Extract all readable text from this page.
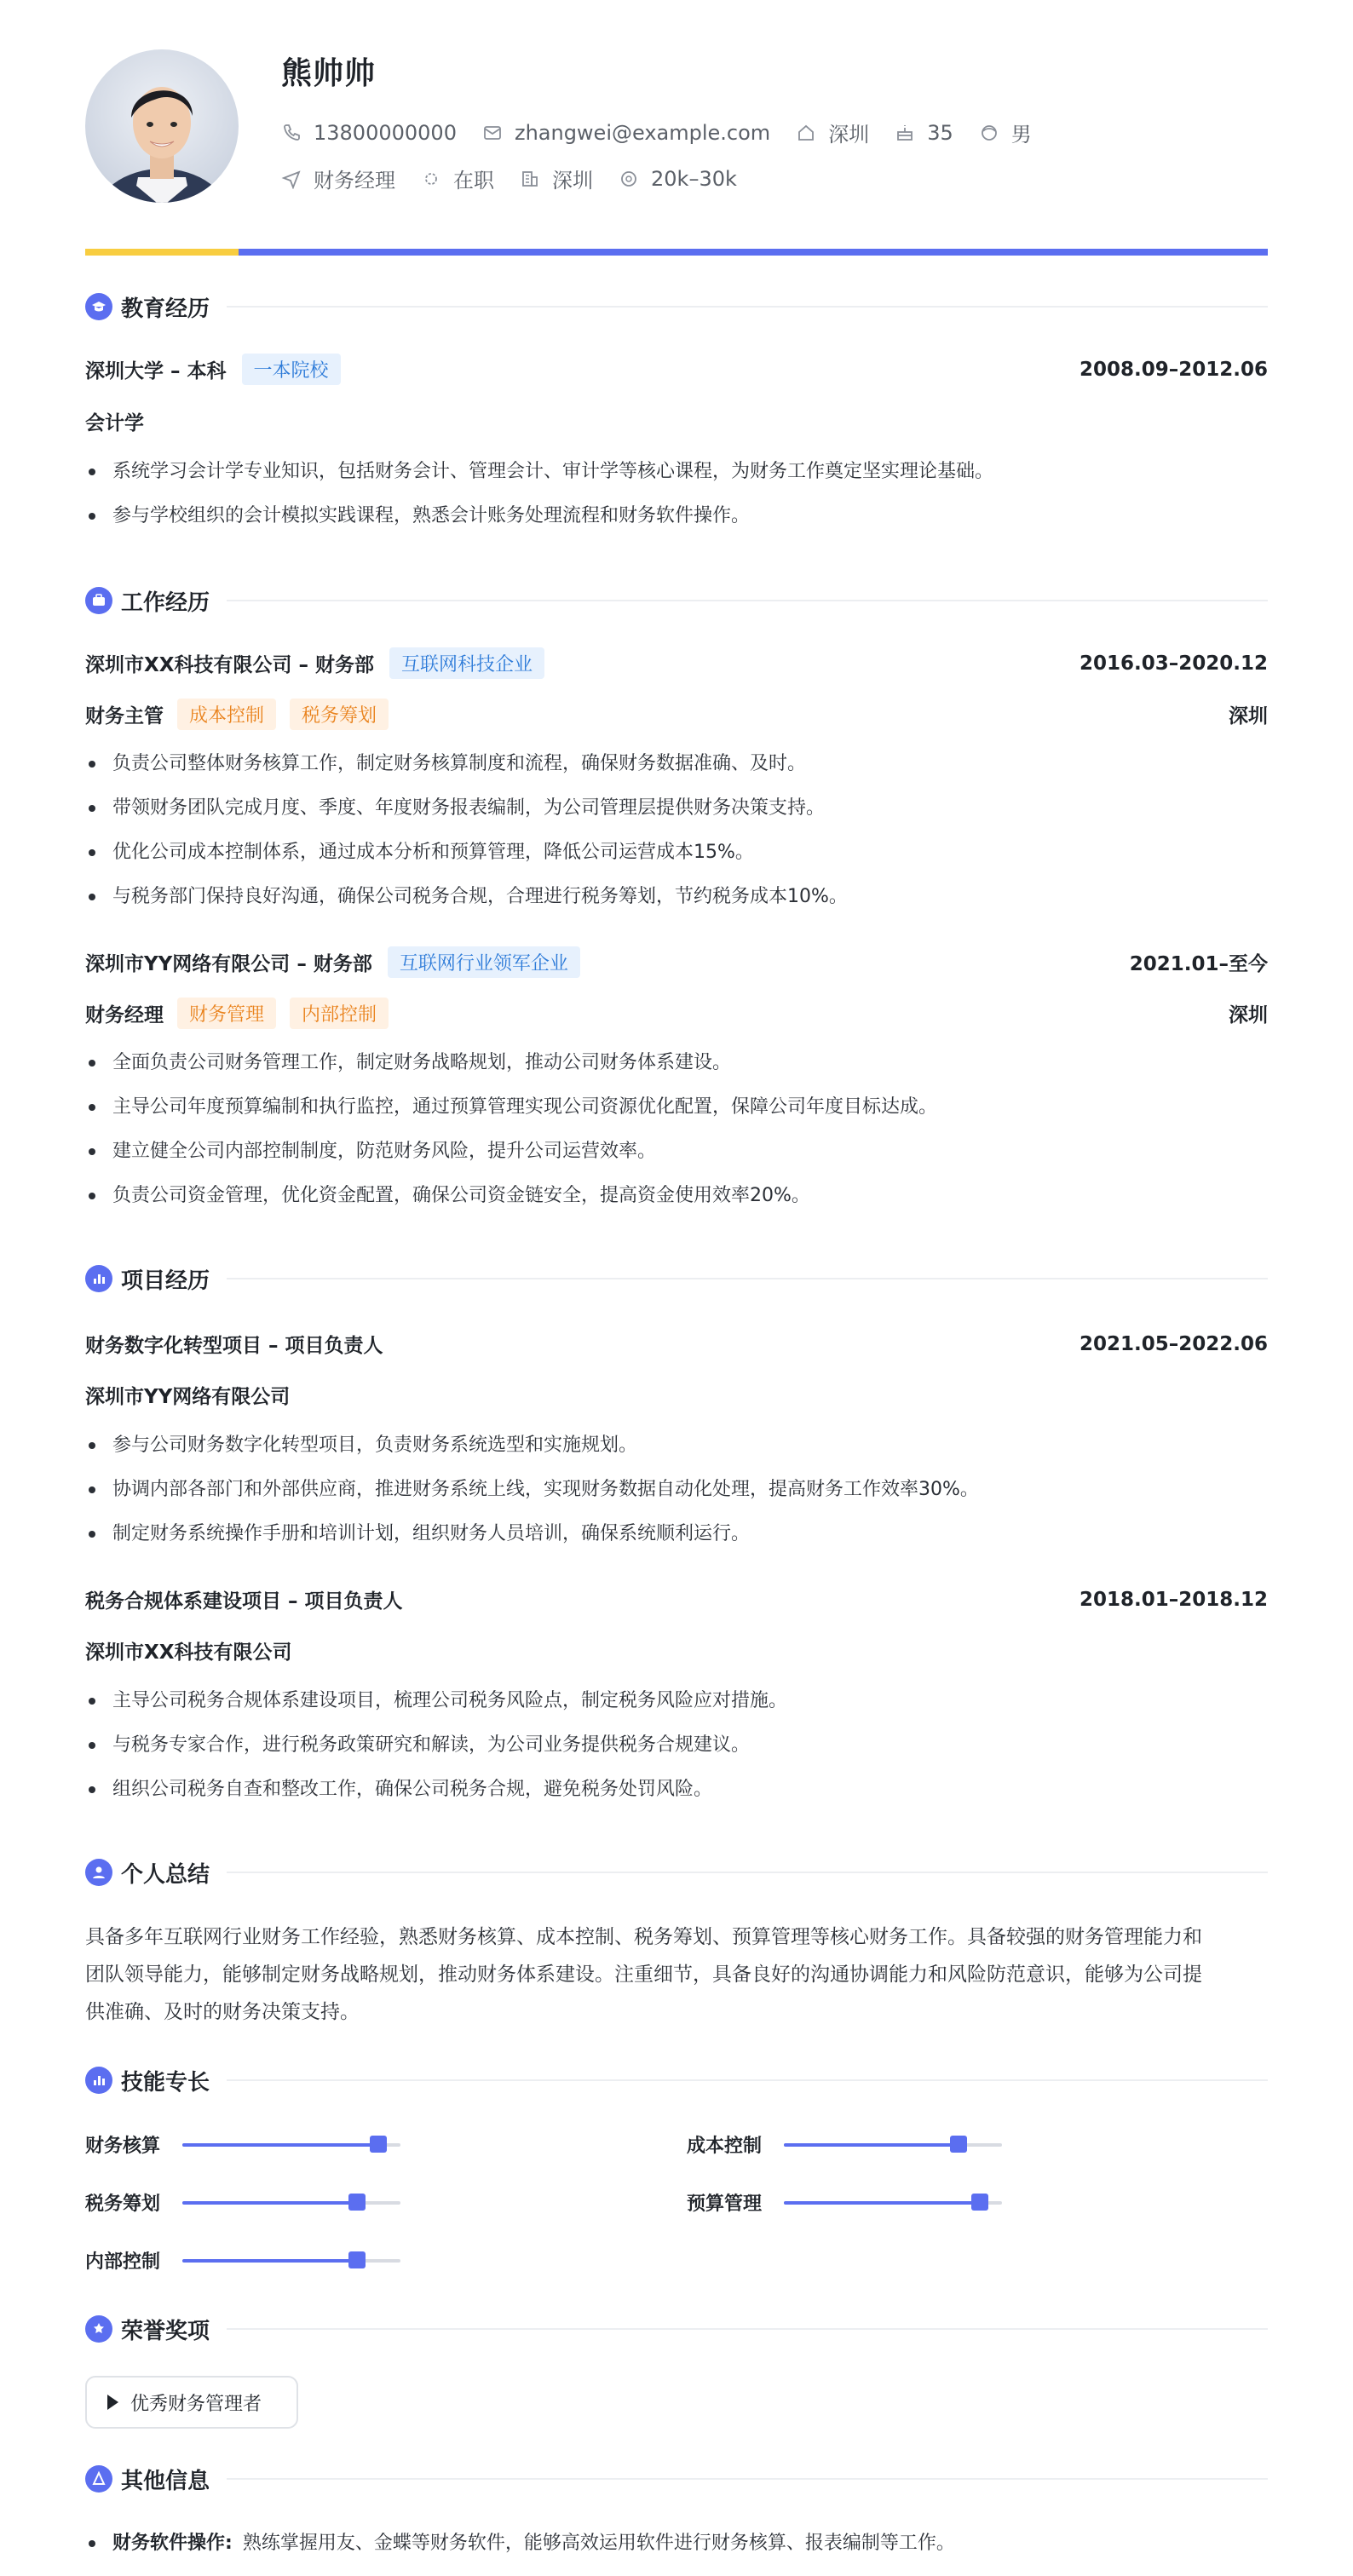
熊帅帅
13800000000	zhangwei@example.com	深圳	35	男
财务经理	在职	深圳	20k–30k
教育经历
深圳大学 – 本科	一本院校	2008.09–2012.06
会计学
系统学习会计学专业知识，包括财务会计、管理会计、审计学等核心课程，为财务工作奠定坚实理论基础。
参与学校组织的会计模拟实践课程，熟悉会计账务处理流程和财务软件操作。
工作经历
深圳市XX科技有限公司 – 财务部	互联网科技企业	2016.03–2020.12
财务主管	成本控制	税务筹划	深圳
负责公司整体财务核算工作，制定财务核算制度和流程，确保财务数据准确、及时。
带领财务团队完成月度、季度、年度财务报表编制，为公司管理层提供财务决策支持。
优化公司成本控制体系，通过成本分析和预算管理，降低公司运营成本15%。
与税务部门保持良好沟通，确保公司税务合规，合理进行税务筹划，节约税务成本10%。
深圳市YY网络有限公司 – 财务部	互联网行业领军企业	2021.01–至今
财务经理	财务管理	内部控制	深圳
全面负责公司财务管理工作，制定财务战略规划，推动公司财务体系建设。
主导公司年度预算编制和执行监控，通过预算管理实现公司资源优化配置，保障公司年度目标达成。
建立健全公司内部控制制度，防范财务风险，提升公司运营效率。
负责公司资金管理，优化资金配置，确保公司资金链安全，提高资金使用效率20%。
项目经历
财务数字化转型项目 – 项目负责人	2021.05–2022.06
深圳市YY网络有限公司
参与公司财务数字化转型项目，负责财务系统选型和实施规划。
协调内部各部门和外部供应商，推进财务系统上线，实现财务数据自动化处理，提高财务工作效率30%。
制定财务系统操作手册和培训计划，组织财务人员培训，确保系统顺利运行。
税务合规体系建设项目 – 项目负责人	2018.01–2018.12
深圳市XX科技有限公司
主导公司税务合规体系建设项目，梳理公司税务风险点，制定税务风险应对措施。
与税务专家合作，进行税务政策研究和解读，为公司业务提供税务合规建议。
组织公司税务自查和整改工作，确保公司税务合规，避免税务处罚风险。
个人总结
具备多年互联网行业财务工作经验，熟悉财务核算、成本控制、税务筹划、预算管理等核心财务工作。具备较强的财务管理能力和
团队领导能力，能够制定财务战略规划，推动财务体系建设。注重细节，具备良好的沟通协调能力和风险防范意识，能够为公司提
供准确、及时的财务决策支持。
技能专长
财务核算	成本控制
税务筹划	预算管理
内部控制
荣誉奖项
优秀财务管理者
其他信息
财务软件操作: 熟练掌握用友、金蝶等财务软件，能够高效运用软件进行财务核算、报表编制等工作。
